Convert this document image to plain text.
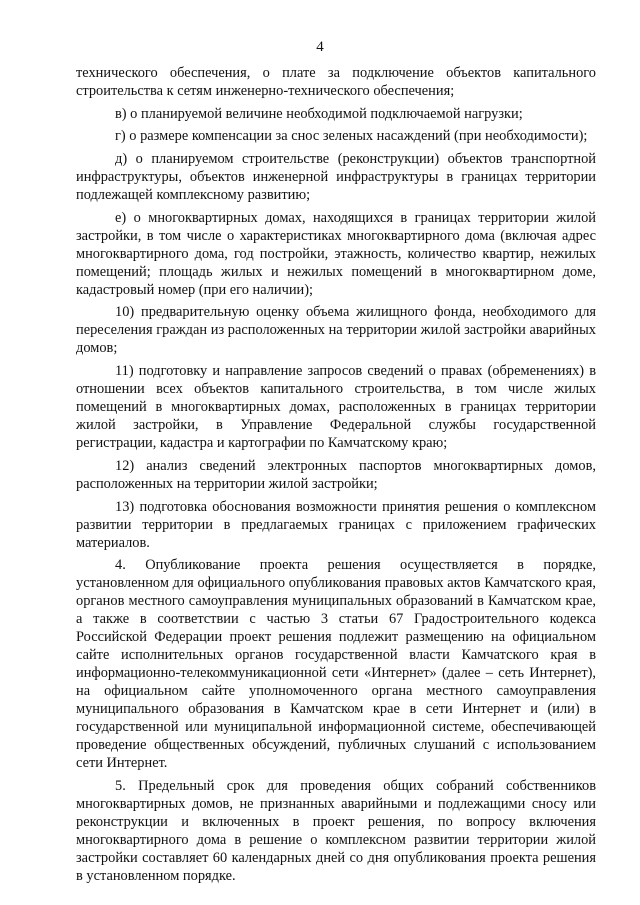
4

технического обеспечения, о плате за подключение объектов капитального строительства к сетям инженерно-технического обеспечения;

в) о планируемой величине необходимой подключаемой нагрузки;

г) о размере компенсации за снос зеленых насаждений (при необходимости);

д) о планируемом строительстве (реконструкции) объектов транспортной инфраструктуры, объектов инженерной инфраструктуры в границах территории подлежащей комплексному развитию;

е) о многоквартирных домах, находящихся в границах территории жилой застройки, в том числе о характеристиках многоквартирного дома (включая адрес многоквартирного дома, год постройки, этажность, количество квартир, нежилых помещений; площадь жилых и нежилых помещений в многоквартирном доме, кадастровый номер (при его наличии);

10) предварительную оценку объема жилищного фонда, необходимого для переселения граждан из расположенных на территории жилой застройки аварийных домов;

11) подготовку и направление запросов сведений о правах (обременениях) в отношении всех объектов капитального строительства, в том числе жилых помещений в многоквартирных домах, расположенных в границах территории жилой застройки, в Управление Федеральной службы государственной регистрации, кадастра и картографии по Камчатскому краю;

12) анализ сведений электронных паспортов многоквартирных домов, расположенных на территории жилой застройки;

13) подготовка обоснования возможности принятия решения о комплексном развитии территории в предлагаемых границах с приложением графических материалов.

4. Опубликование проекта решения осуществляется в порядке, установленном для официального опубликования правовых актов Камчатского края, органов местного самоуправления муниципальных образований в Камчатском крае, а также в соответствии с частью 3 статьи 67 Градостроительного кодекса Российской Федерации проект решения подлежит размещению на официальном сайте исполнительных органов государственной власти Камчатского края в информационно-телекоммуникационной сети «Интернет» (далее – сеть Интернет), на официальном сайте уполномоченного органа местного самоуправления муниципального образования в Камчатском крае в сети Интернет и (или) в государственной или муниципальной информационной системе, обеспечивающей проведение общественных обсуждений, публичных слушаний с использованием сети Интернет.

5. Предельный срок для проведения общих собраний собственников многоквартирных домов, не признанных аварийными и подлежащими сносу или реконструкции и включенных в проект решения, по вопросу включения многоквартирного дома в решение о комплексном развитии территории жилой застройки составляет 60 календарных дней со дня опубликования проекта решения в установленном порядке.
